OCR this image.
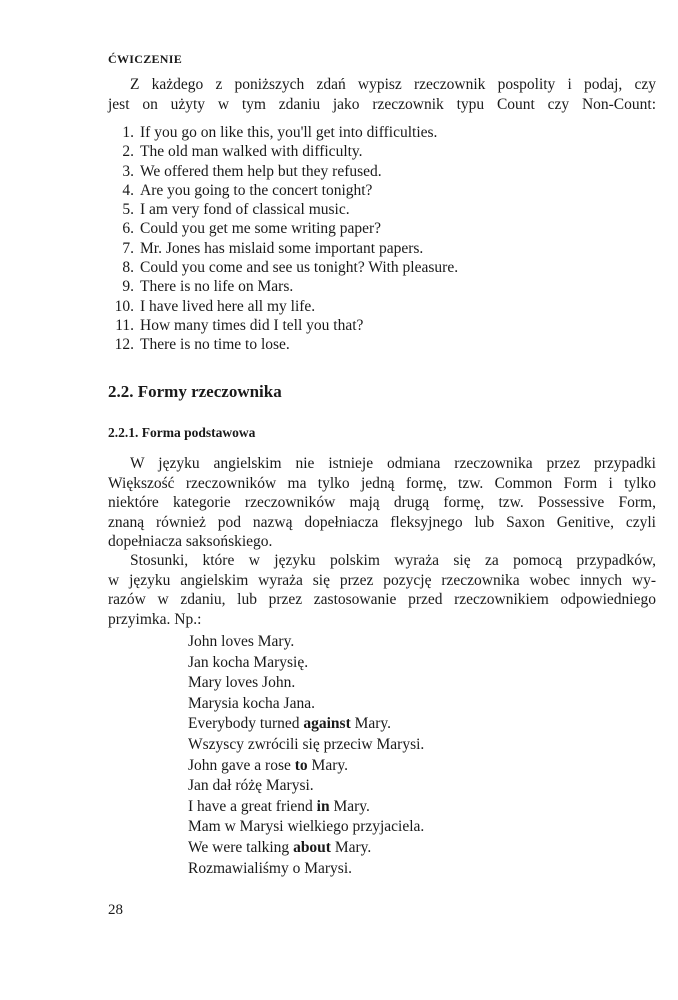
ĆWICZENIE
Z każdego z poniższych zdań wypisz rzeczownik pospolity i podaj, czy
jest on użyty w tym zdaniu jako rzeczownik typu Count czy Non-Count:
1. If you go on like this, you'll get into difficulties.
2. The old man walked with difficulty.
3. We offered them help but they refused.
4. Are you going to the concert tonight?
5. I am very fond of classical music.
6. Could you get me some writing paper?
7. Mr. Jones has mislaid some important papers.
8. Could you come and see us tonight? With pleasure.
9. There is no life on Mars.
10. I have lived here all my life.
11. How many times did I tell you that?
12. There is no time to lose.
2.2. Formy rzeczownika
2.2.1. Forma podstawowa
W języku angielskim nie istnieje odmiana rzeczownika przez przypadki
Większość rzeczowników ma tylko jedną formę, tzw. Common Form i tylko
niektóre kategorie rzeczowników mają drugą formę, tzw. Possessive Form,
znaną również pod nazwą dopełniacza fleksyjnego lub Saxon Genitive, czyli
dopełniacza saksońskiego.
Stosunki, które w języku polskim wyraża się za pomocą przypadków,
w języku angielskim wyraża się przez pozycję rzeczownika wobec innych wy-
razów w zdaniu, lub przez zastosowanie przed rzeczownikiem odpowiedniego
przyimka. Np.:
John loves Mary.
Jan kocha Marysię.
Mary loves John.
Marysia kocha Jana.
Everybody turned against Mary.
Wszyscy zwrócili się przeciw Marysi.
John gave a rose to Mary.
Jan dał różę Marysi.
I have a great friend in Mary.
Mam w Marysi wielkiego przyjaciela.
We were talking about Mary.
Rozmawialiśmy o Marysi.
28
